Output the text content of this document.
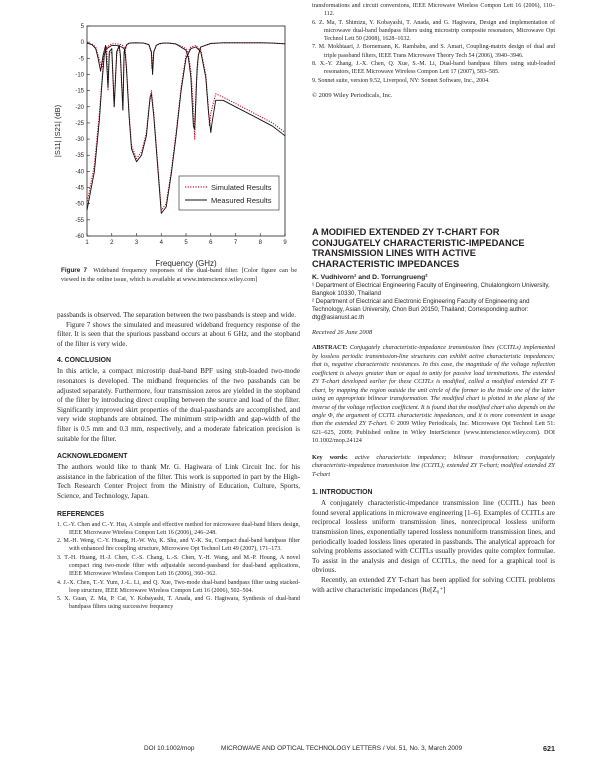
1	2	3	4	5	6	7	8	9
5
0
-5
-10
-15
-20
-25
-30
-35
-40
-45
-50
-55
-60
|S11| |S21| (dB)
Frequency (GHz)
Simulated Results
Measured Results

Figure 7 Wideband frequency responses of the dual-band filter. [Color figure can be viewed in the online issue, which is available at www.interscience.wiley.com]

passbands is observed. The separation between the two passbands is steep and wide.

Figure 7 shows the simulated and measured wideband frequency response of the filter. It is seen that the spurious passband occurs at about 6 GHz, and the stopband of the filter is very wide.

4. CONCLUSION

In this article, a compact microstrip dual-band BPF using stub-loaded two-mode resonators is developed. The midband frequencies of the two passbands can be adjusted separately. Furthermore, four transmission zeros are yielded in the stopband of the filter by introducing direct coupling between the source and load of the filter. Significantly improved skirt properties of the dual-passbands are accomplished, and very wide stopbands are obtained. The minimum strip-width and gap-width of the filter is 0.5 mm and 0.3 mm, respectively, and a moderate fabrication precision is suitable for the filter.

ACKNOWLEDGMENT

The authors would like to thank Mr. G. Hagiwara of Link Circuit Inc. for his assistance in the fabrication of the filter. This work is supported in part by the High-Tech Research Center Project from the Ministry of Education, Culture, Sports, Science, and Technology, Japan.

REFERENCES

1. C.-Y. Chen and C.-Y. Hsu, A simple and effective method for microwave dual-band filters design, IEEE Microwave Wireless Compon Lett 16 (2006), 246–248.

2. M.-H. Weng, C.-Y. Huang, H.-W. Wu, K. Shu, and Y.-K. Su, Compact dual-band bandpass filter with enhanced fire coupling structure, Microwave Opt Technol Lett 49 (2007), 171–173.

3. T.-H. Huang, H.-J. Chen, C.-S. Chang, L.-S. Chen, Y.-H. Wang, and M.-P. Houng, A novel compact ring two-mode filter with adjustable second-passband for dual-band applications, IEEE Microwave Wireless Compon Lett 16 (2006), 360–362.

4. J.-X. Chen, T.-Y. Yum, J.-L. Li, and Q. Xue, Two-mode dual-band bandpass filter using stacked-loop structure, IEEE Microwave Wireless Compon Lett 16 (2006), 502–504.

5. X. Guan, Z. Ma, P. Cai, Y. Kobayashi, T. Anada, and G. Hagiwara, Synthesis of dual-band bandpass filters using successive frequency

transformations and circuit conversions, IEEE Microwave Wireless Compon Lett 16 (2006), 110–112.

6. Z. Ma, T. Shimizu, Y. Kobayashi, T. Anada, and G. Hagiwara, Design and implementation of microwave dual-band bandpass filters using microstrip composite resonators, Microwave Opt Technol Lett 50 (2008), 1628–1632.

7. M. Mokhtaari, J. Bornemann, K. Rambabu, and S. Amari, Coupling-matrix design of dual and triple passband filters, IEEE Trans Microwave Theory Tech 54 (2006), 3940–3946.

8. X.-Y. Zhang, J.-X. Chen, Q. Xue, S.-M. Li, Dual-band bandpass filters using stub-loaded resonators, IEEE Microwave Wireless Compon Lett 17 (2007), 583–585.

9. Sonnet suite, version 9.52, Liverpool, NY: Sonnet Software, Inc., 2004.

© 2009 Wiley Periodicals, Inc.

A MODIFIED EXTENDED ZY T-CHART FOR CONJUGATELY CHARACTERISTIC-IMPEDANCE TRANSMISSION LINES WITH ACTIVE CHARACTERISTIC IMPEDANCES

K. Vudhivorn¹ and D. Torrungrueng²

¹ Department of Electrical Engineering Faculty of Engineering, Chulalongkorn University, Bangkok 10330, Thailand

² Department of Electrical and Electronic Engineering Faculty of Engineering and Technology, Asian University, Chon Buri 20150, Thailand; Corresponding author: dtg@asianust.ac.th

Received 26 June 2008

ABSTRACT: Conjugately characteristic-impedance transmission lines (CCITLs) implemented by lossless periodic transmission-line structures can exhibit active characteristic impedances; that is, negative characteristic resistances. In this case, the magnitude of the voltage reflection coefficient is always greater than or equal to unity for passive load terminations. The extended ZY T-chart developed earlier for these CCITLs is modified, called a modified extended ZY T-chart, by mapping the region outside the unit circle of the former to the inside one of the latter using an appropriate bilinear transformation. The modified chart is plotted in the plane of the inverse of the voltage reflection coefficient. It is found that the modified chart also depends on the angle Φ, the argument of CCITL characteristic impedances, and it is more convenient in usage than the extended ZY T-chart. © 2009 Wiley Periodicals, Inc. Microwave Opt Technol Lett 51: 621–625, 2009; Published online in Wiley InterScience (www.interscience.wiley.com). DOI 10.1002/mop.24124

Key words: active characteristic impedance; bilinear transformation; conjugately characteristic-impedance transmission line (CCITL); extended ZY T-chart; modified extended ZY T-chart

1. INTRODUCTION

A conjugately characteristic-impedance transmission line (CCITL) has been found several applications in microwave engineering [1–6]. Examples of CCITLs are reciprocal lossless uniform transmission lines, nonreciprocal lossless uniform transmission lines, exponentially tapered lossless nonuniform transmission lines, and periodically loaded lossless lines operated in passbands. The analytical approach for solving problems associated with CCITLs usually provides quite complex formulae. To assist in the analysis and design of CCITLs, the need for a graphical tool is obvious.

Recently, an extended ZY T-chart has been applied for solving CCITL problems with active characteristic impedances (Re[Z₀⁺]

DOI 10.1002/mop	MICROWAVE AND OPTICAL TECHNOLOGY LETTERS / Vol. 51, No. 3, March 2009	621
